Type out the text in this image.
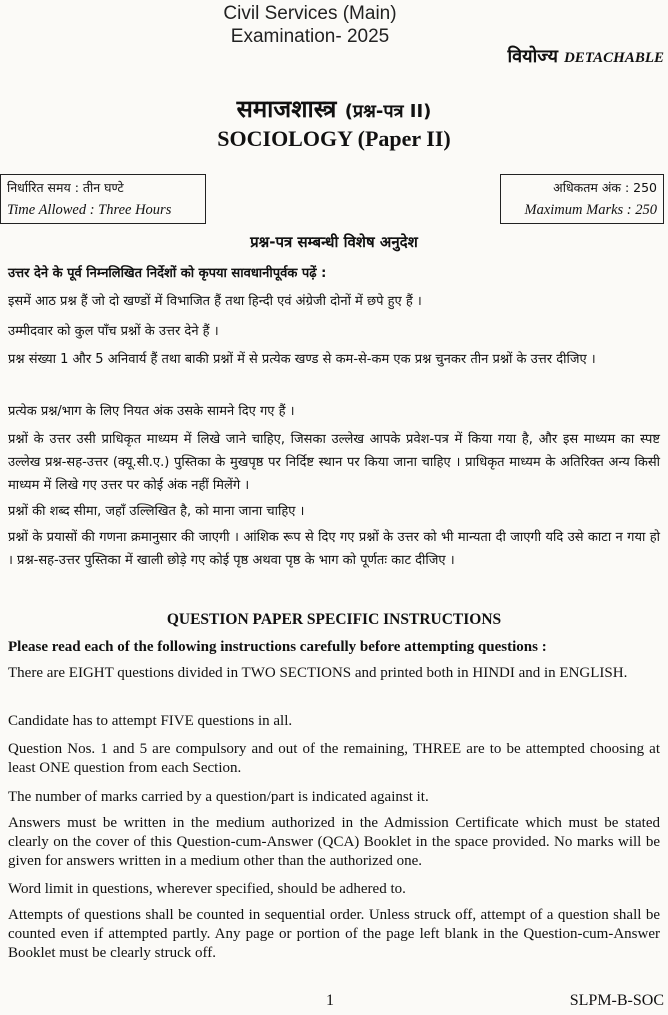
Civil Services (Main)
Examination- 2025
वियोज्य DETACHABLE
समाजशास्त्र (प्रश्न-पत्र II)
SOCIOLOGY (Paper II)
निर्धारित समय : तीन घण्टे
Time Allowed : Three Hours
अधिकतम अंक : 250
Maximum Marks : 250
प्रश्न-पत्र सम्बन्धी विशेष अनुदेश
उत्तर देने के पूर्व निम्नलिखित निर्देशों को कृपया सावधानीपूर्वक पढ़ें :
इसमें आठ प्रश्न हैं जो दो खण्डों में विभाजित हैं तथा हिन्दी एवं अंग्रेजी दोनों में छपे हुए हैं ।
उम्मीदवार को कुल पाँच प्रश्नों के उत्तर देने हैं ।
प्रश्न संख्या 1 और 5 अनिवार्य हैं तथा बाकी प्रश्नों में से प्रत्येक खण्ड से कम-से-कम एक प्रश्न चुनकर तीन प्रश्नों के उत्तर दीजिए ।
प्रत्येक प्रश्न/भाग के लिए नियत अंक उसके सामने दिए गए हैं ।
प्रश्नों के उत्तर उसी प्राधिकृत माध्यम में लिखे जाने चाहिए, जिसका उल्लेख आपके प्रवेश-पत्र में किया गया है, और इस माध्यम का स्पष्ट उल्लेख प्रश्न-सह-उत्तर (क्यू.सी.ए.) पुस्तिका के मुखपृष्ठ पर निर्दिष्ट स्थान पर किया जाना चाहिए । प्राधिकृत माध्यम के अतिरिक्त अन्य किसी माध्यम में लिखे गए उत्तर पर कोई अंक नहीं मिलेंगे ।
प्रश्नों की शब्द सीमा, जहाँ उल्लिखित है, को माना जाना चाहिए ।
प्रश्नों के प्रयासों की गणना क्रमानुसार की जाएगी । आंशिक रूप से दिए गए प्रश्नों के उत्तर को भी मान्यता दी जाएगी यदि उसे काटा न गया हो । प्रश्न-सह-उत्तर पुस्तिका में खाली छोड़े गए कोई पृष्ठ अथवा पृष्ठ के भाग को पूर्णतः काट दीजिए ।
QUESTION PAPER SPECIFIC INSTRUCTIONS
Please read each of the following instructions carefully before attempting questions :
There are EIGHT questions divided in TWO SECTIONS and printed both in HINDI and in ENGLISH.
Candidate has to attempt FIVE questions in all.
Question Nos. 1 and 5 are compulsory and out of the remaining, THREE are to be attempted choosing at least ONE question from each Section.
The number of marks carried by a question/part is indicated against it.
Answers must be written in the medium authorized in the Admission Certificate which must be stated clearly on the cover of this Question-cum-Answer (QCA) Booklet in the space provided. No marks will be given for answers written in a medium other than the authorized one.
Word limit in questions, wherever specified, should be adhered to.
Attempts of questions shall be counted in sequential order. Unless struck off, attempt of a question shall be counted even if attempted partly. Any page or portion of the page left blank in the Question-cum-Answer Booklet must be clearly struck off.
1	SLPM-B-SOC
